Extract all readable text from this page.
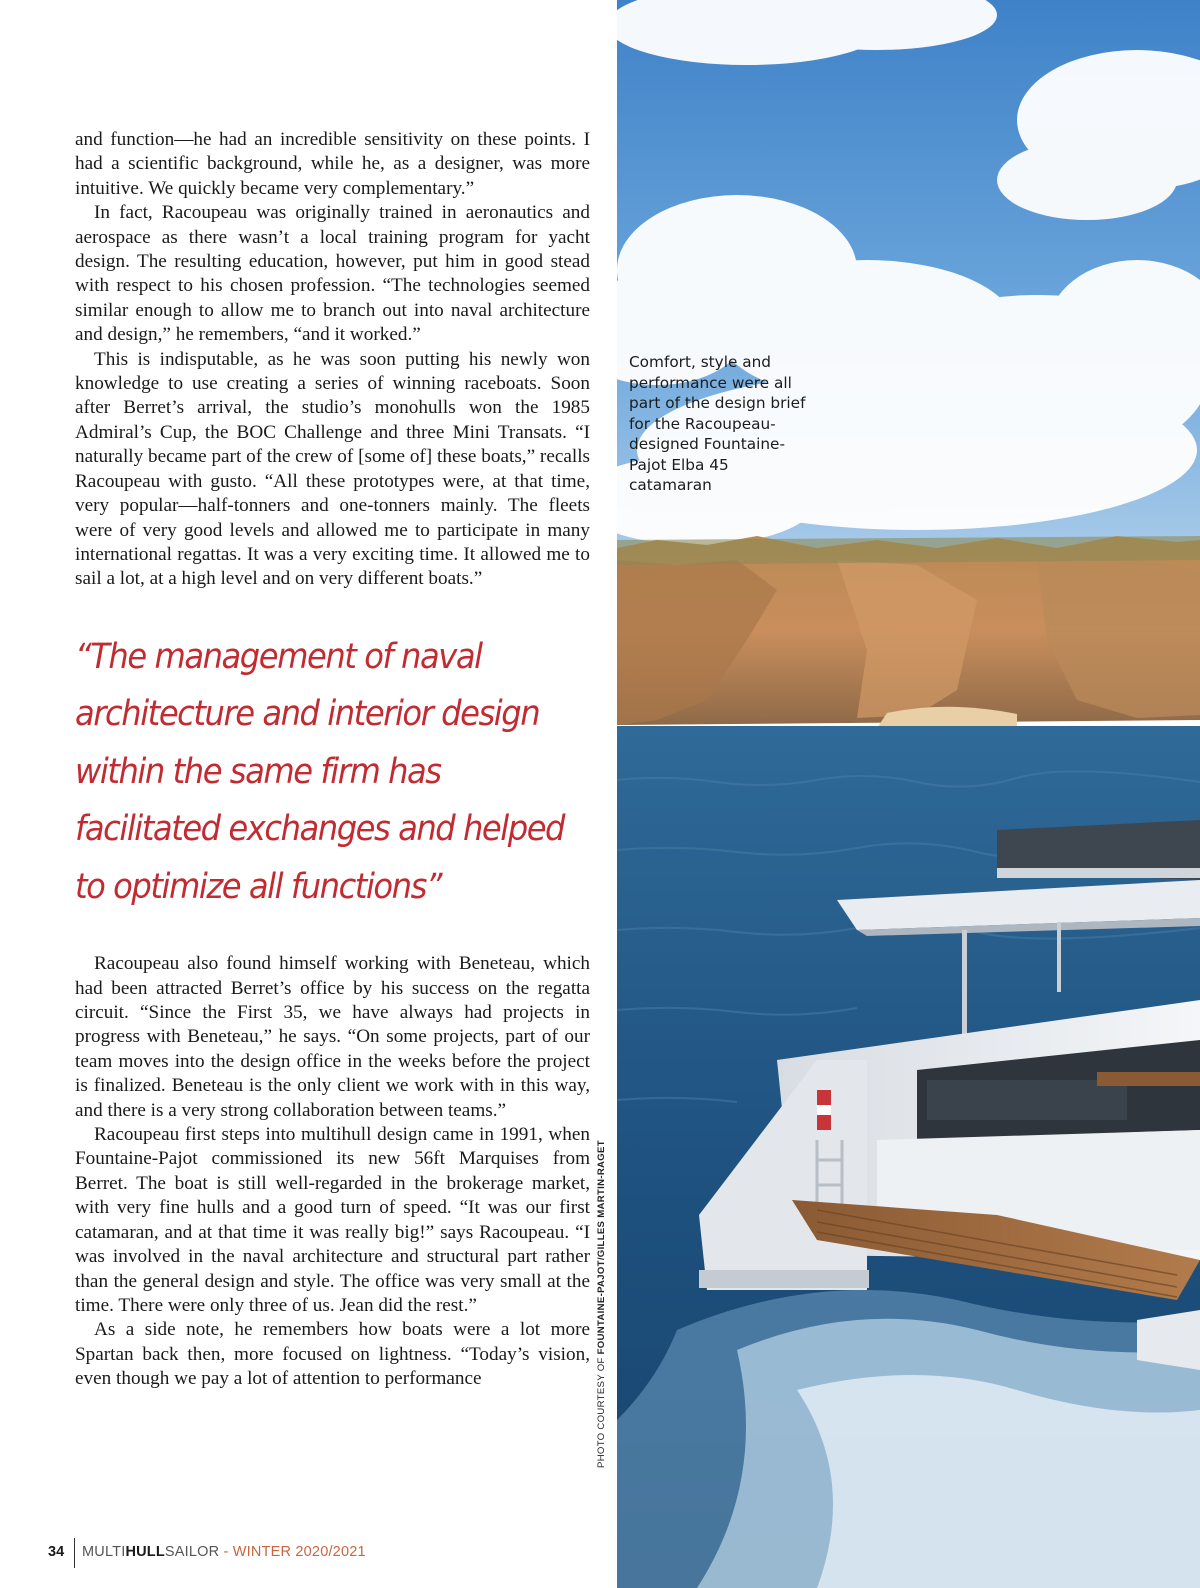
and function—he had an incredible sensitivity on these points. I had a scientific background, while he, as a designer, was more intuitive. We quickly became very complementary.”

In fact, Racoupeau was originally trained in aeronautics and aerospace as there wasn’t a local training program for yacht design. The resulting education, however, put him in good stead with respect to his chosen profession. “The technologies seemed similar enough to allow me to branch out into naval architecture and design,” he remembers, “and it worked.”

This is indisputable, as he was soon putting his newly won knowledge to use creating a series of winning raceboats. Soon after Berret’s arrival, the studio’s monohulls won the 1985 Admiral’s Cup, the BOC Challenge and three Mini Transats. “I naturally became part of the crew of [some of] these boats,” recalls Racoupeau with gusto. “All these prototypes were, at that time, very popular—half-tonners and one-tonners mainly. The fleets were of very good levels and allowed me to participate in many international regattas. It was a very exciting time. It allowed me to sail a lot, at a high level and on very different boats.”

“The management of naval architecture and interior design within the same firm has facilitated exchanges and helped to optimize all functions”

Racoupeau also found himself working with Beneteau, which had been attracted Berret’s office by his success on the regatta circuit. “Since the First 35, we have always had projects in progress with Beneteau,” he says. “On some projects, part of our team moves into the design office in the weeks before the project is finalized. Beneteau is the only client we work with in this way, and there is a very strong collaboration between teams.”

Racoupeau first steps into multihull design came in 1991, when Fountaine-Pajot commissioned its new 56ft Marquises from Berret. The boat is still well-regarded in the brokerage market, with very fine hulls and a good turn of speed. “It was our first catamaran, and at that time it was really big!” says Racoupeau. “I was involved in the naval architecture and structural part rather than the general design and style. The office was very small at the time. There were only three of us. Jean did the rest.”

As a side note, he remembers how boats were a lot more Spartan back then, more focused on lightness. “Today’s vision, even though we pay a lot of attention to performance

Comfort, style and performance were all part of the design brief for the Racoupeau-designed Fountaine-Pajot Elba 45 catamaran
PHOTO COURTESY OF FOUNTAINE-PAJOT/GILLES MARTIN-RAGET
34 MULTIHULLSAILOR - WINTER 2020/2021
